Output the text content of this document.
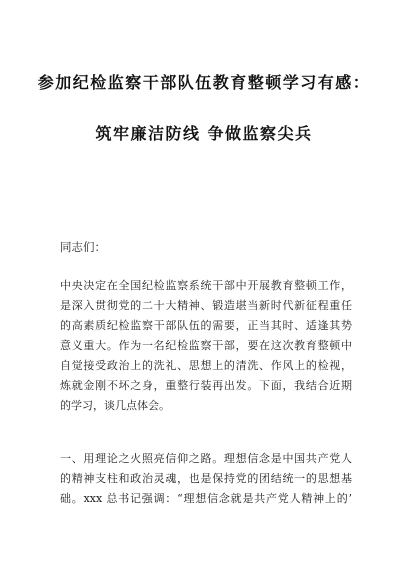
参加纪检监察干部队伍教育整顿学习有感：
筑牢廉洁防线 争做监察尖兵
同志们：
中央决定在全国纪检监察系统干部中开展教育整顿工作，
是深入贯彻党的二十大精神、锻造堪当新时代新征程重任
的高素质纪检监察干部队伍的需要，正当其时、适逢其势
意义重大。作为一名纪检监察干部，要在这次教育整顿中
自觉接受政治上的洗礼、思想上的清洗、作风上的检视，
炼就金刚不坏之身，重整行装再出发。下面，我结合近期
的学习，谈几点体会。
一、用理论之火照亮信仰之路。理想信念是中国共产党人
的精神支柱和政治灵魂，也是保持党的团结统一的思想基
础。xxx 总书记强调：“理想信念就是共产党人精神上的’
